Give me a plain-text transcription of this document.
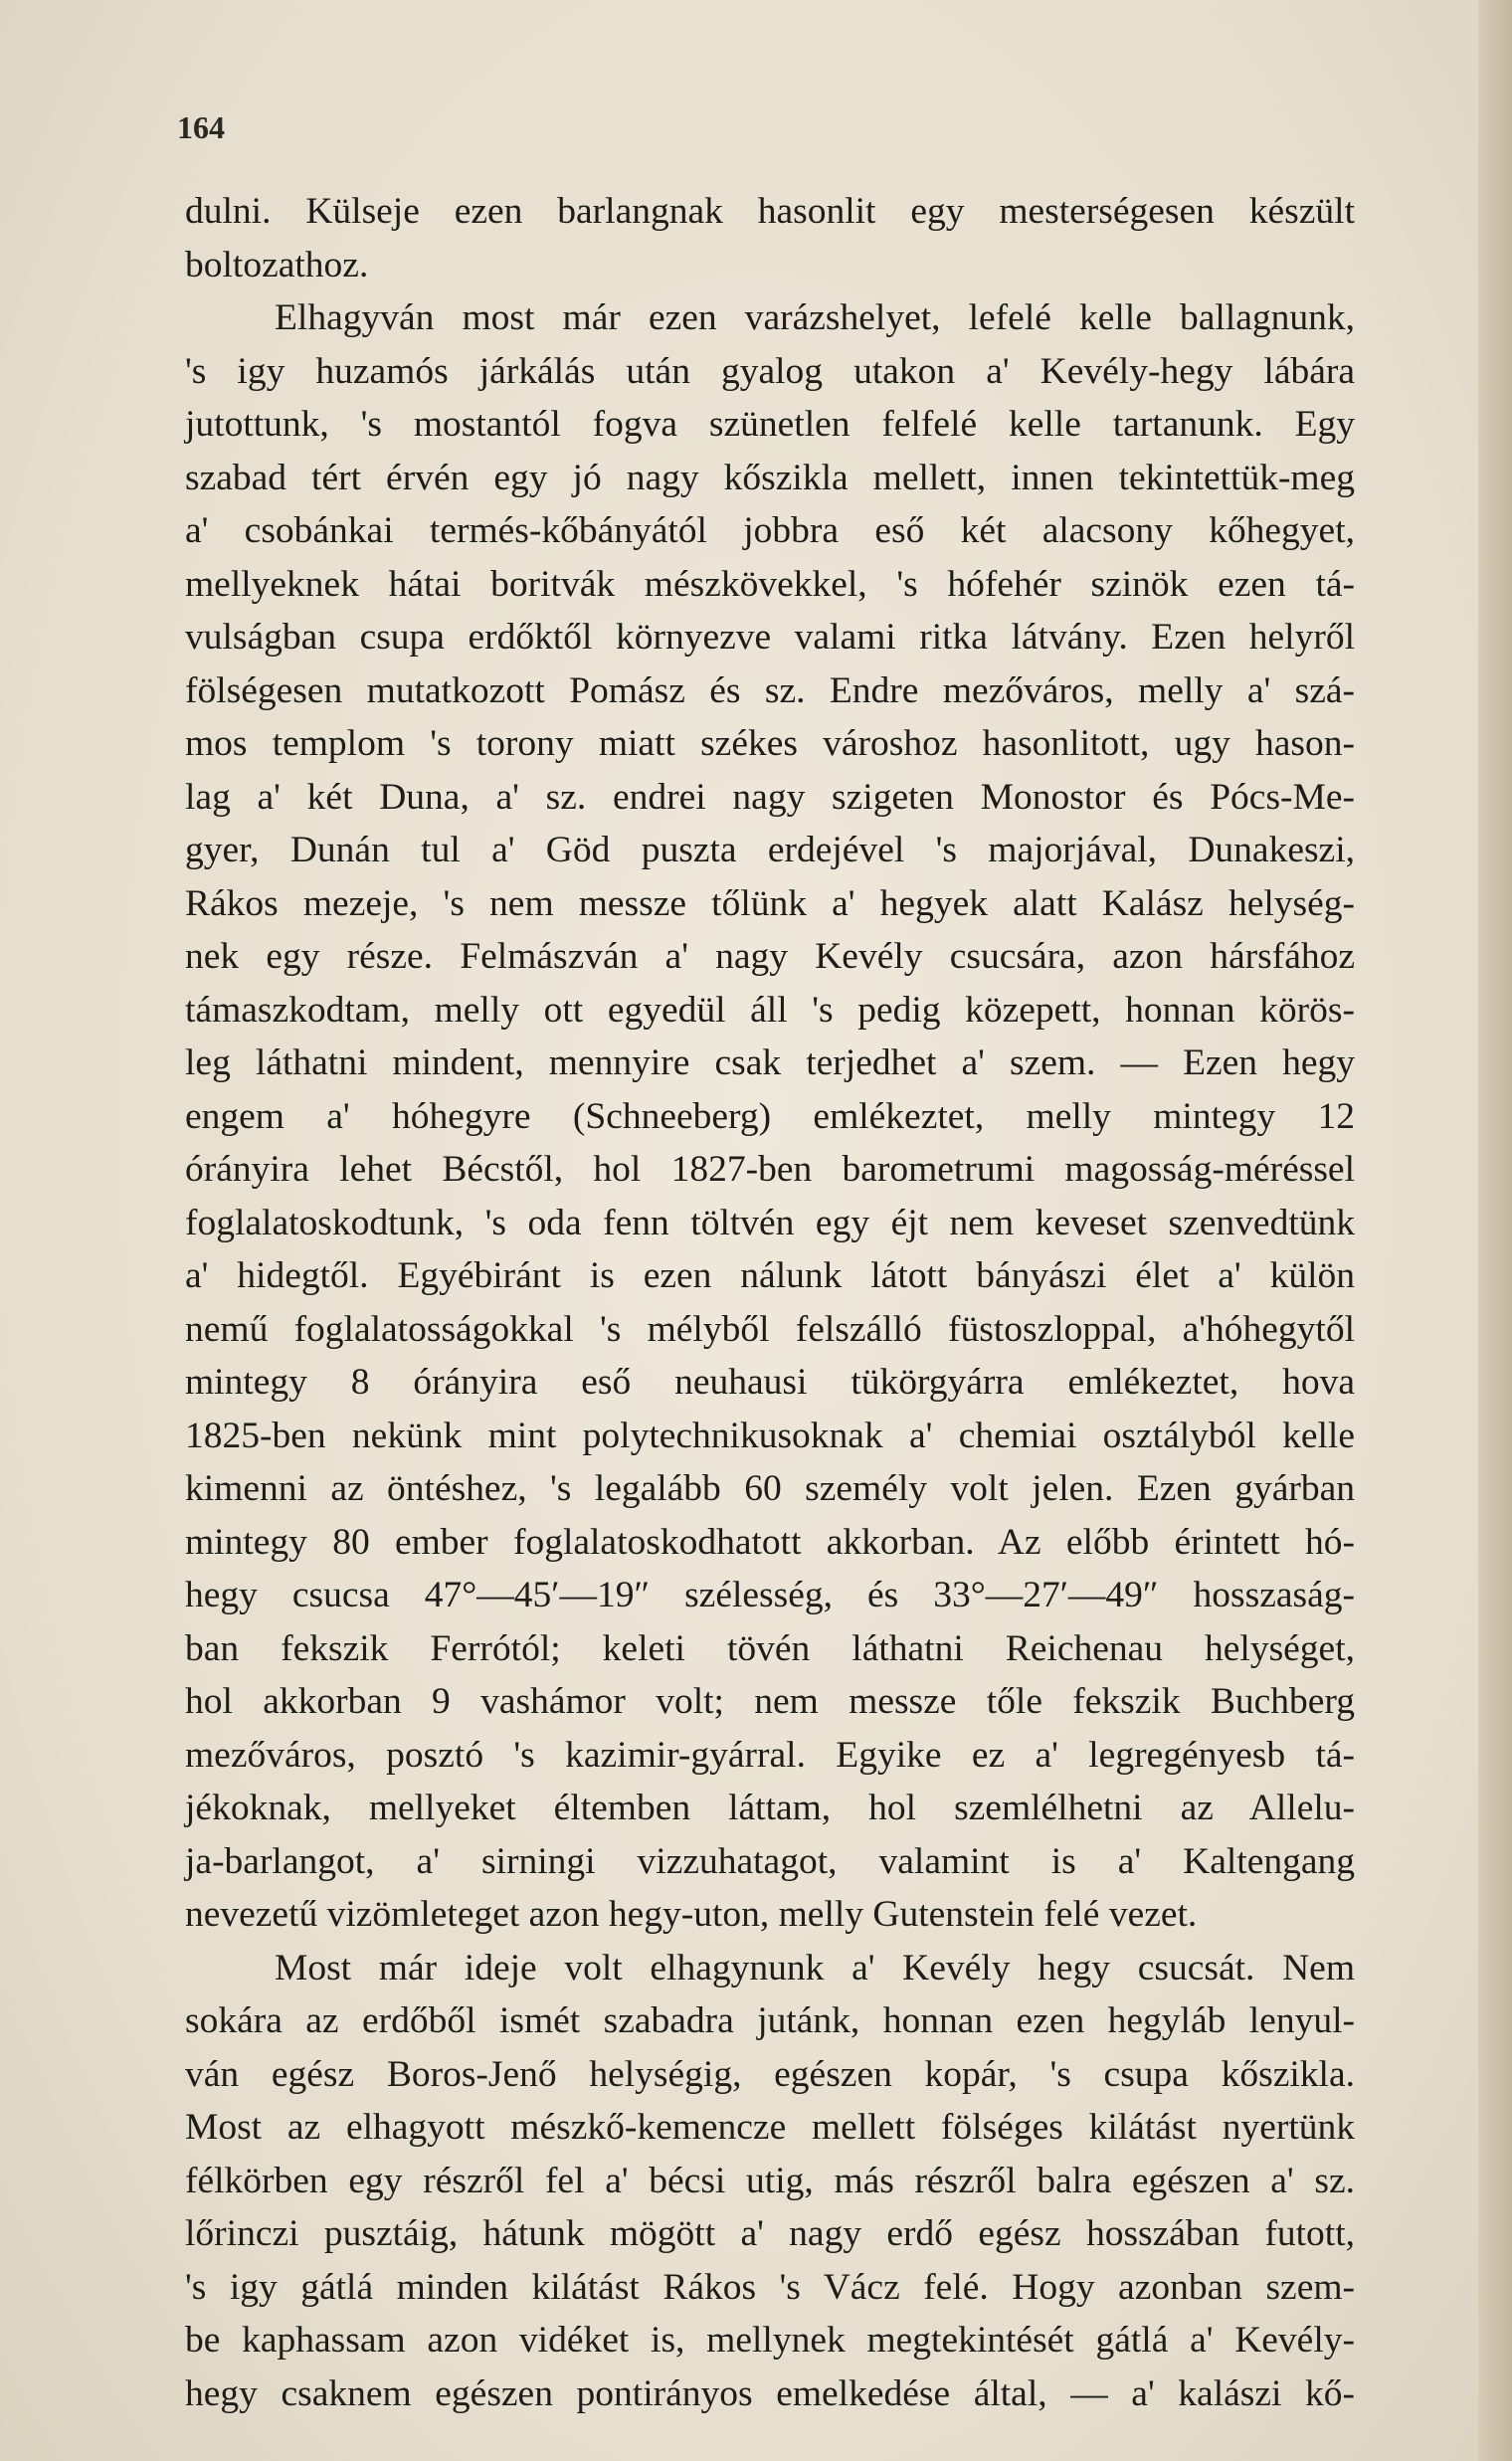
164
dulni. Külseje ezen barlangnak hasonlit egy mesterségesen készült
boltozathoz.
Elhagyván most már ezen varázshelyet, lefelé kelle ballagnunk,
's igy huzamós járkálás után gyalog utakon a' Kevély-hegy lábára
jutottunk, 's mostantól fogva szünetlen felfelé kelle tartanunk. Egy
szabad tért érvén egy jó nagy kőszikla mellett, innen tekintettük-meg
a' csobánkai termés-kőbányától jobbra eső két alacsony kőhegyet,
mellyeknek hátai boritvák mészkövekkel, 's hófehér szinök ezen tá-
vulságban csupa erdőktől környezve valami ritka látvány. Ezen helyről
fölségesen mutatkozott Pomász és sz. Endre mezőváros, melly a' szá-
mos templom 's torony miatt székes városhoz hasonlitott, ugy hason-
lag a' két Duna, a' sz. endrei nagy szigeten Monostor és Pócs-Me-
gyer, Dunán tul a' Göd puszta erdejével 's majorjával, Dunakeszi,
Rákos mezeje, 's nem messze tőlünk a' hegyek alatt Kalász helység-
nek egy része. Felmászván a' nagy Kevély csucsára, azon hársfához
támaszkodtam, melly ott egyedül áll 's pedig közepett, honnan körös-
leg láthatni mindent, mennyire csak terjedhet a' szem. — Ezen hegy
engem a' hóhegyre (Schneeberg) emlékeztet, melly mintegy 12
órányira lehet Bécstől, hol 1827-ben barometrumi magosság-méréssel
foglalatoskodtunk, 's oda fenn töltvén egy éjt nem keveset szenvedtünk
a' hidegtől. Egyébiránt is ezen nálunk látott bányászi élet a' külön
nemű foglalatosságokkal 's mélyből felszálló füstoszloppal, a'hóhegytől
mintegy 8 órányira eső neuhausi tükörgyárra emlékeztet, hova
1825-ben nekünk mint polytechnikusoknak a' chemiai osztályból kelle
kimenni az öntéshez, 's legalább 60 személy volt jelen. Ezen gyárban
mintegy 80 ember foglalatoskodhatott akkorban. Az előbb érintett hó-
hegy csucsa 47°—45′—19″ szélesség, és 33°—27′—49″ hosszaság-
ban fekszik Ferrótól; keleti tövén láthatni Reichenau helységet,
hol akkorban 9 vashámor volt; nem messze tőle fekszik Buchberg
mezőváros, posztó 's kazimir-gyárral. Egyike ez a' legregényesb tá-
jékoknak, mellyeket éltemben láttam, hol szemlélhetni az Allelu-
ja-barlangot, a' sirningi vizzuhatagot, valamint is a' Kaltengang
nevezetű vizömleteget azon hegy-uton, melly Gutenstein felé vezet.
Most már ideje volt elhagynunk a' Kevély hegy csucsát. Nem
sokára az erdőből ismét szabadra jutánk, honnan ezen hegyláb lenyul-
ván egész Boros-Jenő helységig, egészen kopár, 's csupa kőszikla.
Most az elhagyott mészkő-kemencze mellett fölséges kilátást nyertünk
félkörben egy részről fel a' bécsi utig, más részről balra egészen a' sz.
lőrinczi pusztáig, hátunk mögött a' nagy erdő egész hosszában futott,
's igy gátlá minden kilátást Rákos 's Vácz felé. Hogy azonban szem-
be kaphassam azon vidéket is, mellynek megtekintését gátlá a' Kevély-
hegy csaknem egészen pontirányos emelkedése által, — a' kalászi kő-
